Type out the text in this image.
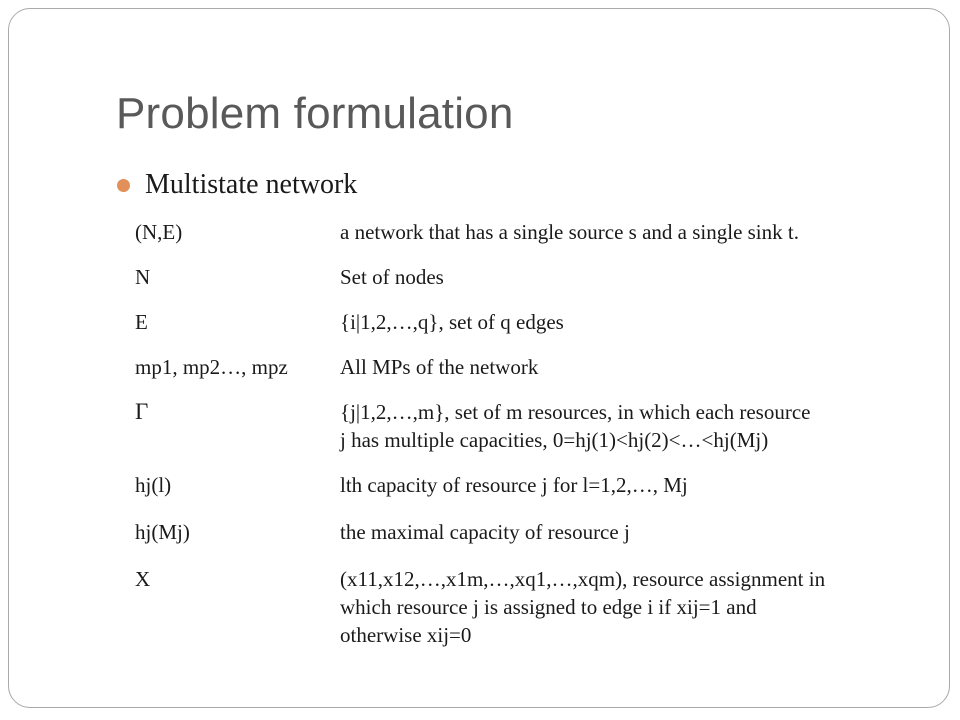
Problem formulation
Multistate network
(N,E)	a network that has a single source s and a single sink t.
N	Set of nodes
E	{i|1,2,…,q}, set of q edges
mp1, mp2…, mpz	All MPs of the network
Γ	{j|1,2,…,m}, set of m resources, in which each resource
j has multiple capacities, 0=hj(1)<hj(2)<…<hj(Mj)
hj(l)	lth capacity of resource j for l=1,2,…, Mj
hj(Mj)	the maximal capacity of resource j
X	(x11,x12,…,x1m,…,xq1,…,xqm), resource assignment in
which resource j is assigned to edge i if xij=1 and
otherwise xij=0
